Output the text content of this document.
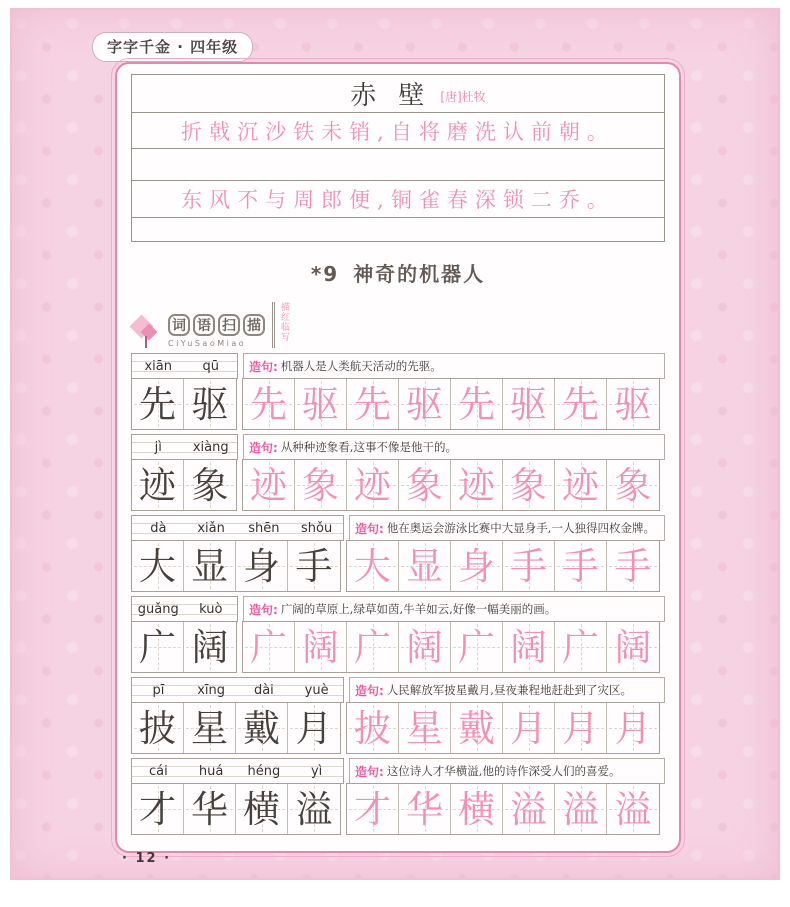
字字千金 · 四年级
赤壁
[唐]杜牧
折戟沉沙铁未销,自将磨洗认前朝。
东风不与周郎便,铜雀春深锁二乔。
*9 神奇的机器人
词 语 扫 描
CiYuSaoMiao
描红临写
xiān	qū	造句: 机器人是人类航天活动的先驱。
先 驱 先 驱 先 驱 先 驱 先 驱
jì	xiàng	造句: 从种种迹象看,这事不像是他干的。
迹 象 迹 象 迹 象 迹 象 迹 象
dà	xiǎn	shēn	shǒu	造句: 他在奥运会游泳比赛中大显身手,一人独得四枚金牌。
大 显 身 手 大 显 身 手 手 手
guǎng	kuò	造句: 广阔的草原上,绿草如茵,牛羊如云,好像一幅美丽的画。
广 阔 广 阔 广 阔 广 阔 广 阔
pī	xīng	dài	yuè	造句: 人民解放军披星戴月,昼夜兼程地赶赴到了灾区。
披 星 戴 月 披 星 戴 月 月 月
cái	huá	héng	yì	造句: 这位诗人才华横溢,他的诗作深受人们的喜爱。
才 华 横 溢 才 华 横 溢 溢 溢
· 12 ·
